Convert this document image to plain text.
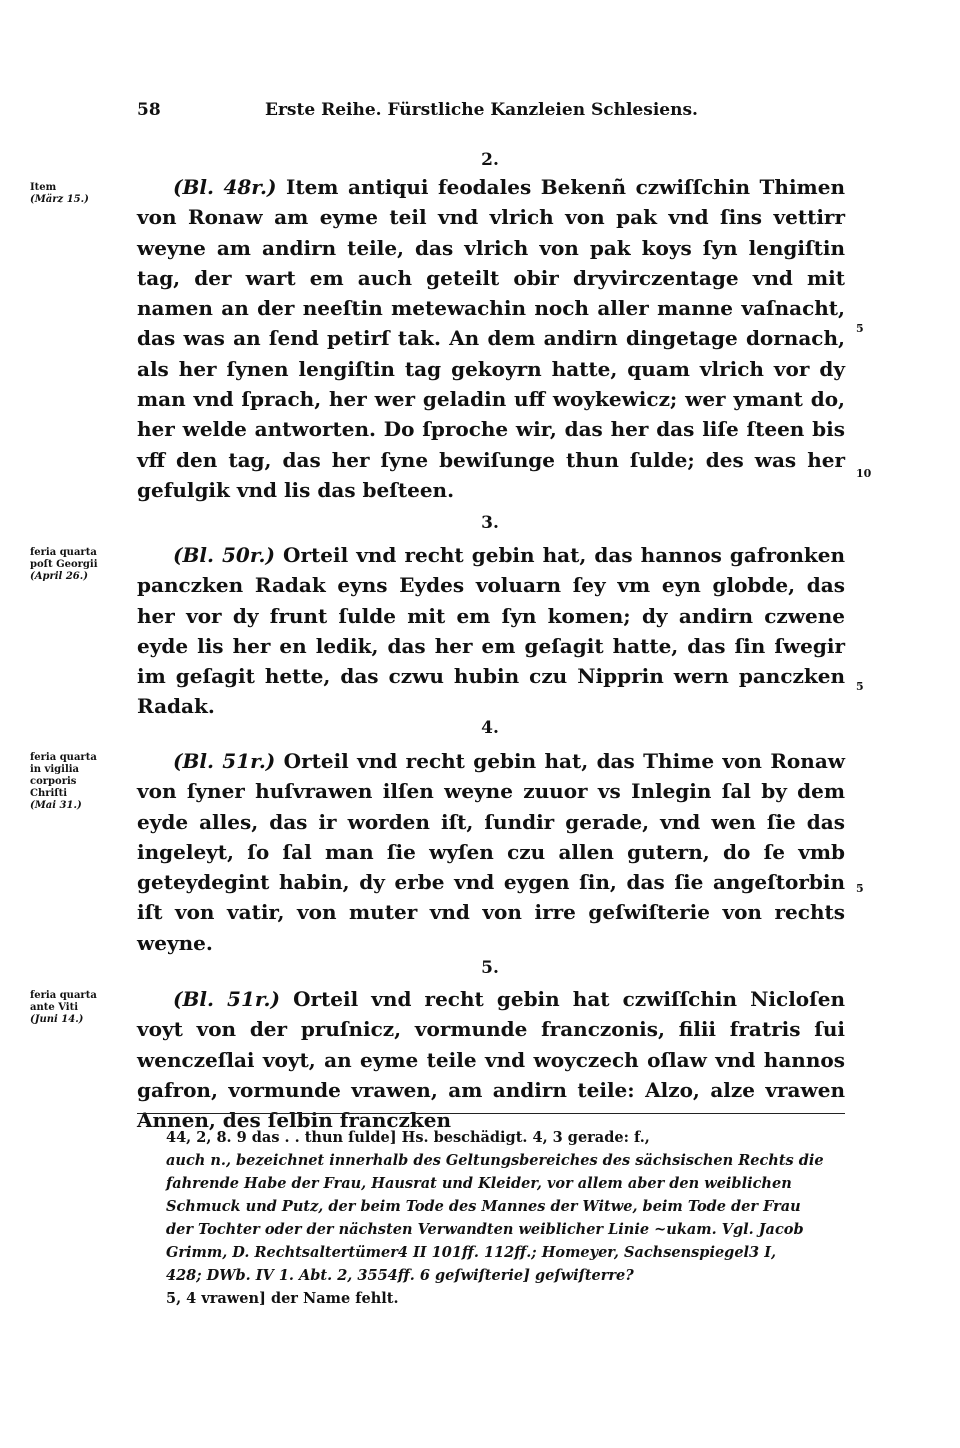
58	Erste Reihe. Fürstliche Kanzleien Schlesiens.
2.
Item
(März 15.)

(Bl. 48r.) Item antiqui feodales Bekenñ czwiſſchin Thimen von Ronaw am eyme teil vnd vlrich von pak vnd ſins vettirr weyne am andirn teile, das vlrich von pak koys ſyn lengiſtin tag, der wart em auch geteilt obir dryvirczentage vnd mit namen an der neeſtin metewachin noch aller manne vaſnacht, das was an ſend petirſ tak. An dem andirn dingetage dornach, als her ſynen lengiſtin tag gekoyrn hatte, quam vlrich vor dy man vnd ſprach, her wer geladin uff woykewicz; wer ymant do, her welde antworten. Do ſproche wir, das her das liſe ſteen bis vff den tag, das her ſyne bewiſunge thun ſulde; des was her gefulgik vnd lis das beſteen.

5
10
3.
feria quarta
poſt Georgii
(April 26.)

(Bl. 50r.) Orteil vnd recht gebin hat, das hannos gafronken panczken Radak eyns Eydes voluarn ſey vm eyn globde, das her vor dy frunt ſulde mit em ſyn komen; dy andirn czwene eyde lis her en ledik, das her em geſagit hatte, das ſin ſwegir im geſagit hette, das czwu hubin czu Nipprin wern panczken Radak.

5
4.
feria quarta
in vigilia
corporis
Chriſti
(Mai 31.)

(Bl. 51r.) Orteil vnd recht gebin hat, das Thime von Ronaw von ſyner huſvrawen ilſen weyne zuuor vs Inlegin ſal by dem eyde alles, das ir worden iſt, ſundir gerade, vnd wen ſie das ingeleyt, ſo ſal man ſie wyſen czu allen gutern, do ſe vmb geteydegint habin, dy erbe vnd eygen ſin, das ſie angeſtorbin iſt von vatir, von muter vnd von irre geſwiſterie von rechts weyne.

5
5.
feria quarta
ante Viti
(Juni 14.)

(Bl. 51r.) Orteil vnd recht gebin hat czwiſſchin Nicloſen voyt von der pruſnicz, vormunde franczonis, filii fratris ſui wenczeſlai voyt, an eyme teile vnd woyczech oſlaw vnd hannos gafron, vormunde vrawen, am andirn teile: Alzo, alze vrawen Annen, des ſelbin franczken

44, 2, 8. 9 das . . thun ſulde] Hs. beschädigt. 4, 3 gerade: f.,
auch n., bezeichnet innerhalb des Geltungsbereiches des sächsischen Rechts die
fahrende Habe der Frau, Hausrat und Kleider, vor allem aber den weiblichen
Schmuck und Putz, der beim Tode des Mannes der Witwe, beim Tode der Frau
der Tochter oder der nächsten Verwandten weiblicher Linie ~ukam. Vgl. Jacob
Grimm, D. Rechtsaltertümer4 II 101ff. 112ff.; Homeyer, Sachsenspiegel3 I,
428; DWb. IV 1. Abt. 2, 3554ff. 6 geſwiſterie] geſwiſterre?
5, 4 vrawen] der Name fehlt.
